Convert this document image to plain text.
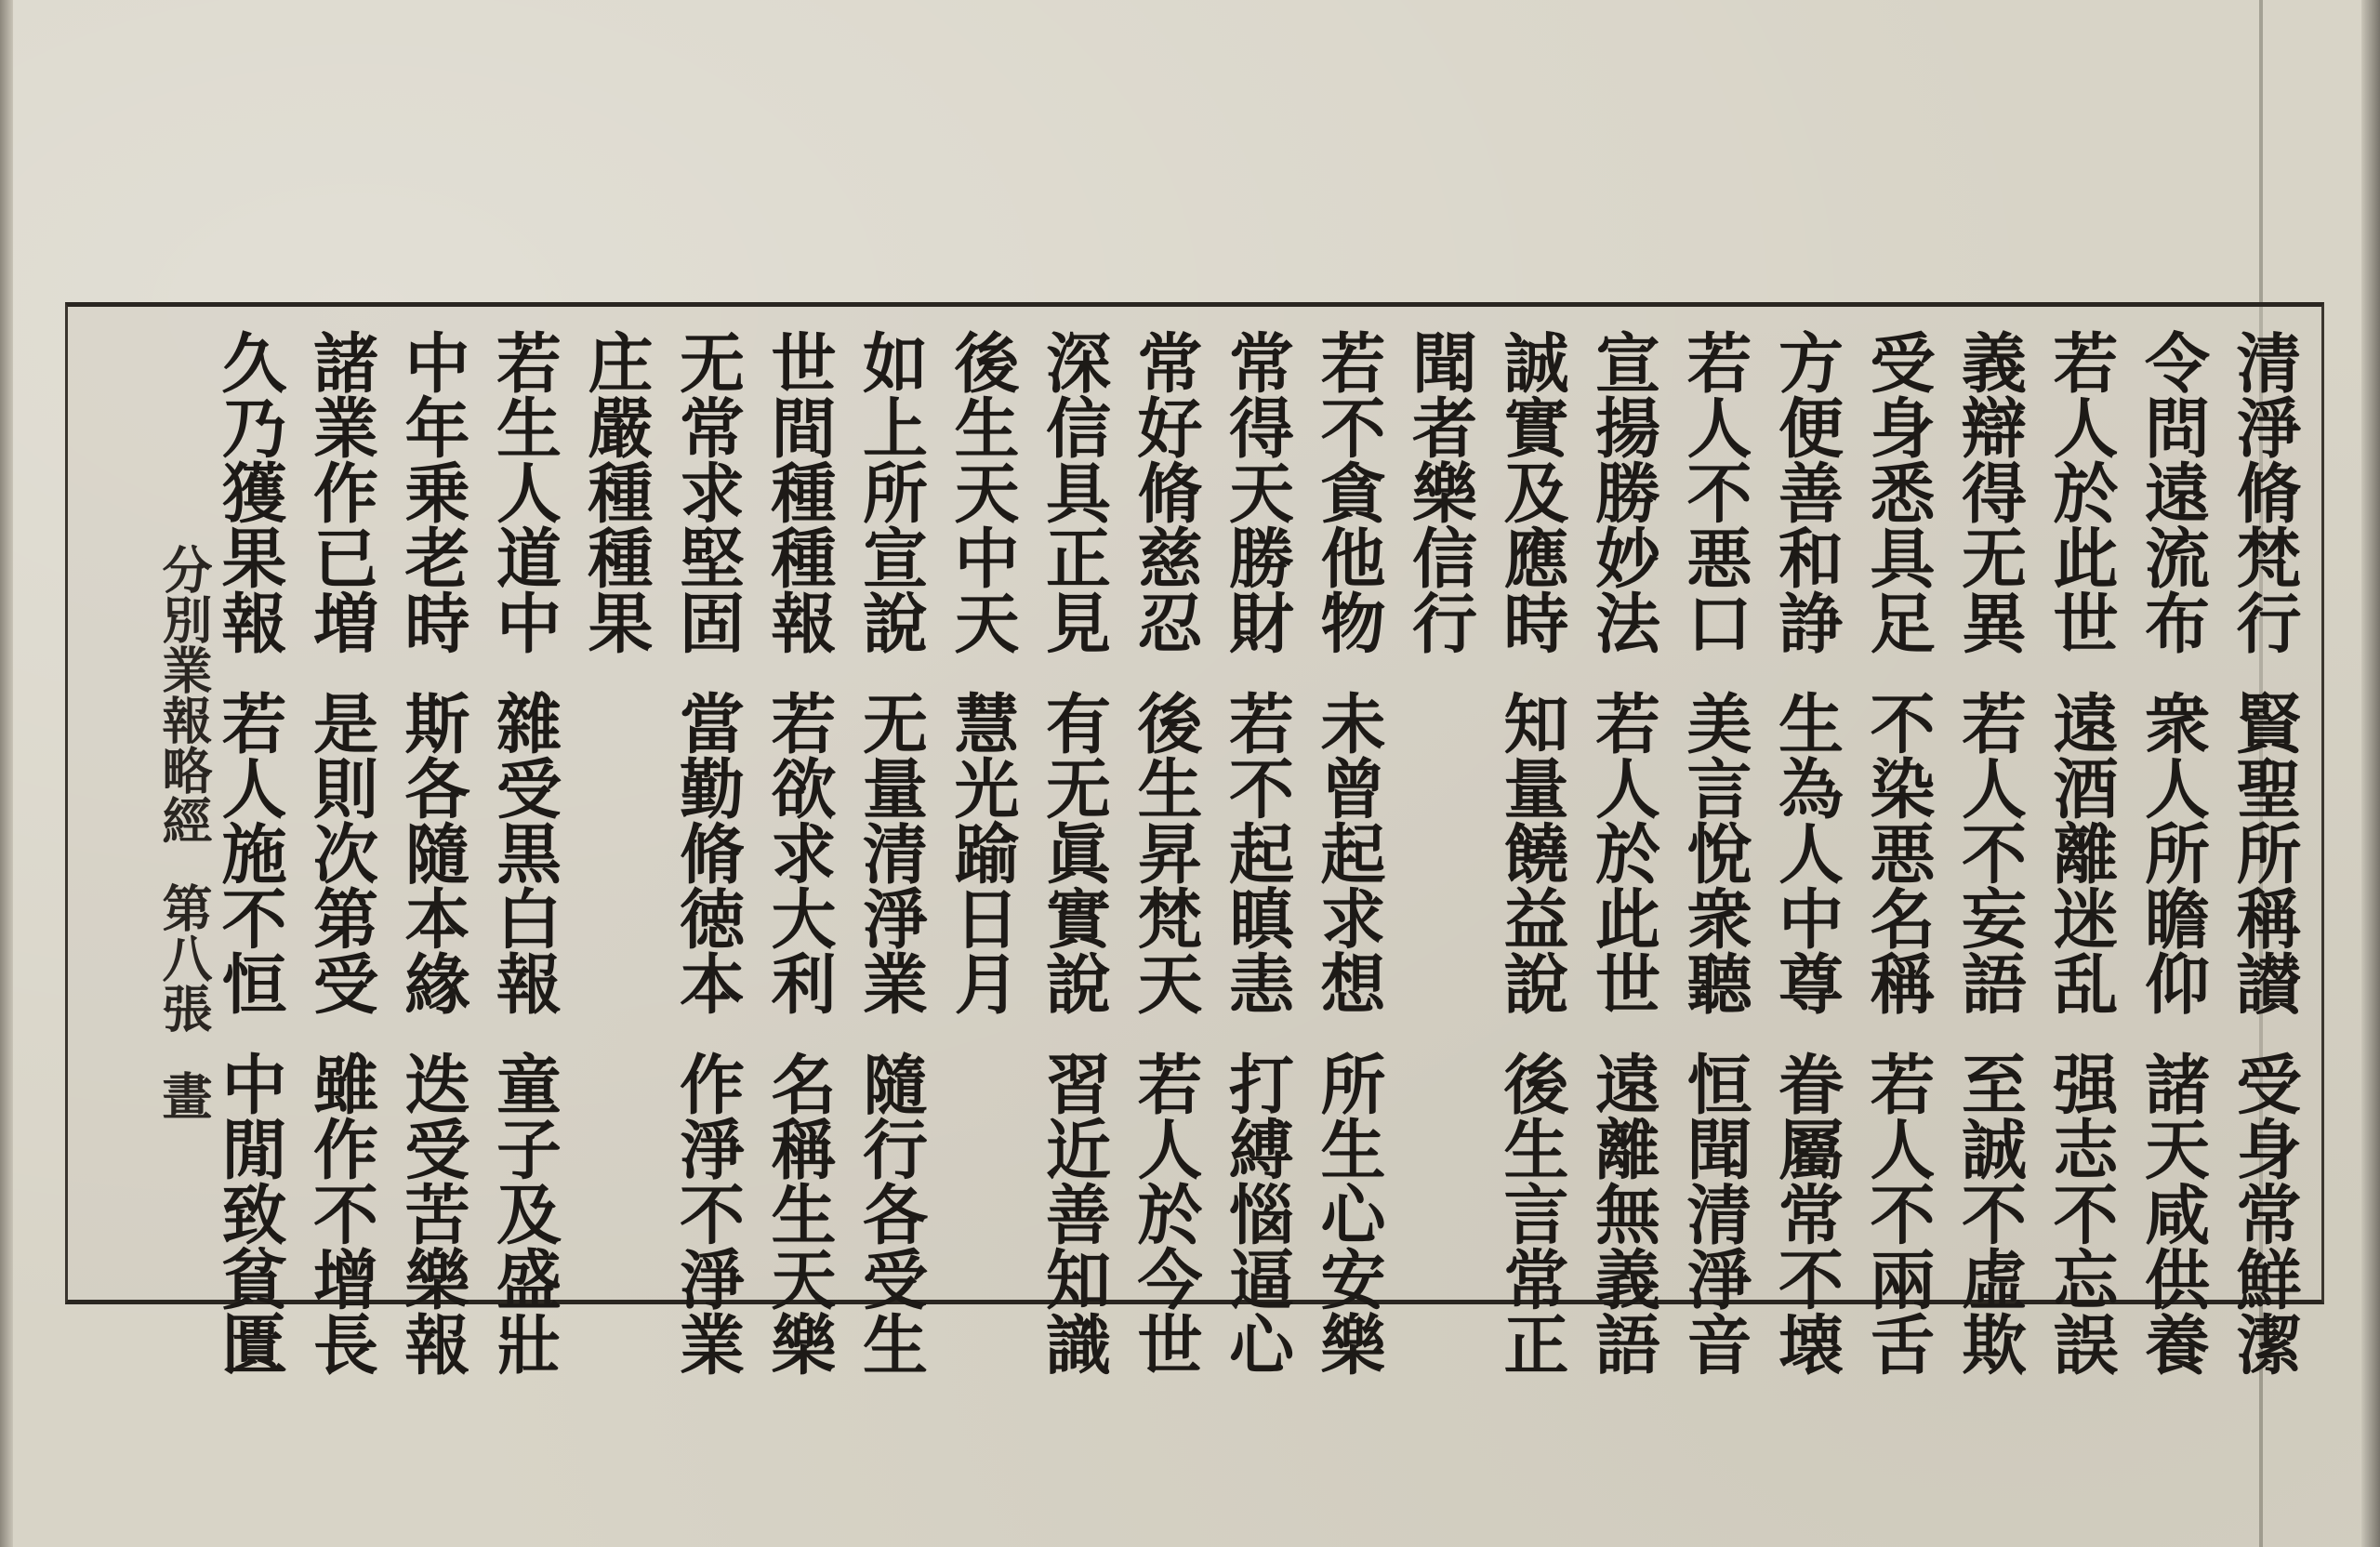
清淨脩梵行賢聖所稱讃受身常鮮潔
令問遠流布衆人所瞻仰諸天咸供養
若人於此世遠酒離迷乱强志不忘誤
義辯得无異若人不妄語至誠不虛欺
受身悉具足不染悪名稱若人不兩舌
方便善和諍生為人中尊眷屬常不壊
若人不悪口美言悅衆聽恒聞清淨音
宣揚勝妙法若人於此世遠離無義語
誠實及應時知量饒益說後生言常正
聞者樂信行
若不貪他物未曾起求想所生心安樂
常得天勝財若不起瞋恚打縛惱逼心
常好脩慈忍後生昇梵天若人於今世
深信具正見有无眞實說習近善知識
後生天中天慧光踰日月
如上所宣說无量清淨業隨行各受生
世間種種報若欲求大利名稱生天樂
无常求堅固當勤脩徳本作淨不淨業
庄嚴種種果
若生人道中雜受黒白報童子及盛壯
中年乗老時斯各隨本緣迭受苦樂報
諸業作已増是則次第受雖作不增長
久乃獲果報若人施不恒中閒致貧匱
分別業報略經第八張畫
